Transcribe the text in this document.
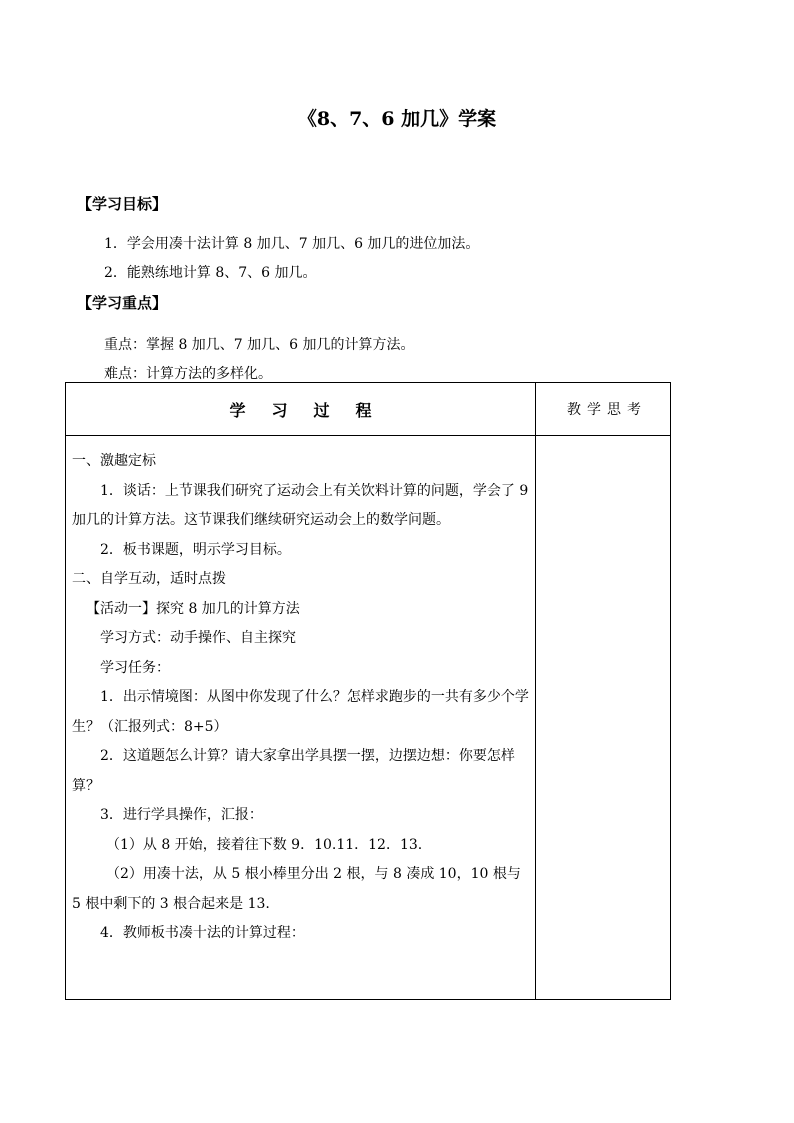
《8、7、6 加几》学案
【学习目标】
1．学会用凑十法计算 8 加几、7 加几、6 加几的进位加法。
2．能熟练地计算 8、7、6 加几。
【学习重点】
重点：掌握 8 加几、7 加几、6 加几的计算方法。
难点：计算方法的多样化。
学 习 过 程	教 学 思 考

一、激趣定标

1．谈话：上节课我们研究了运动会上有关饮料计算的问题，学会了 9 加几的计算方法。这节课我们继续研究运动会上的数学问题。

2．板书课题，明示学习目标。

二、自学互动，适时点拨

【活动一】探究 8 加几的计算方法

学习方式：动手操作、自主探究

学习任务：

1．出示情境图：从图中你发现了什么？怎样求跑步的一共有多少个学生？（汇报列式：8+5）

2．这道题怎么计算？请大家拿出学具摆一摆，边摆边想：你要怎样算？

3．进行学具操作，汇报：

（1）从 8 开始，接着往下数 9．10.11．12．13.

（2）用凑十法，从 5 根小棒里分出 2 根，与 8 凑成 10，10 根与 5 根中剩下的 3 根合起来是 13.

4．教师板书凑十法的计算过程：
